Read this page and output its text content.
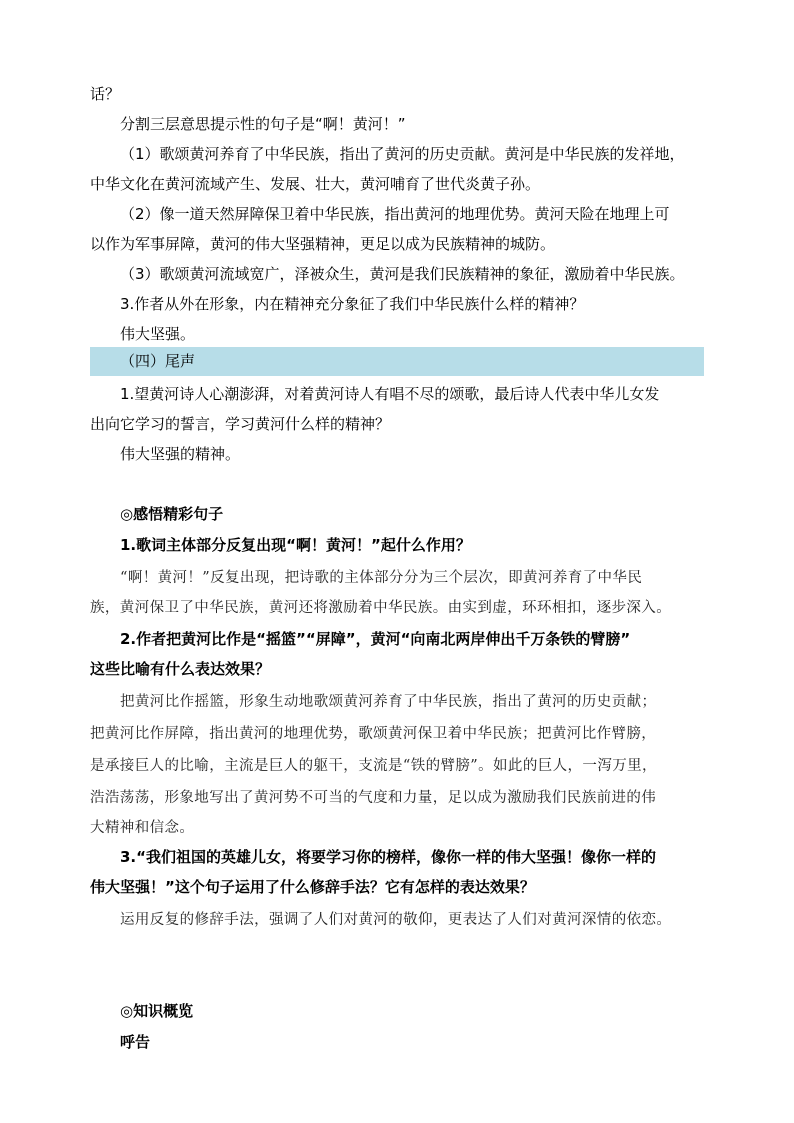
话？

分割三层意思提示性的句子是“啊！黄河！”

（1）歌颂黄河养育了中华民族，指出了黄河的历史贡献。黄河是中华民族的发祥地，

中华文化在黄河流域产生、发展、壮大，黄河哺育了世代炎黄子孙。

（2）像一道天然屏障保卫着中华民族，指出黄河的地理优势。黄河天险在地理上可

以作为军事屏障，黄河的伟大坚强精神，更足以成为民族精神的城防。

（3）歌颂黄河流域宽广，泽被众生，黄河是我们民族精神的象征，激励着中华民族。

3.作者从外在形象，内在精神充分象征了我们中华民族什么样的精神？

伟大坚强。

（四）尾声

1.望黄河诗人心潮澎湃，对着黄河诗人有唱不尽的颂歌，最后诗人代表中华儿女发

出向它学习的誓言，学习黄河什么样的精神？

伟大坚强的精神。

◎感悟精彩句子

1.歌词主体部分反复出现“啊！黄河！”起什么作用？

“啊！黄河！”反复出现，把诗歌的主体部分分为三个层次，即黄河养育了中华民

族，黄河保卫了中华民族，黄河还将激励着中华民族。由实到虚，环环相扣，逐步深入。

2.作者把黄河比作是“摇篮”“屏障”，黄河“向南北两岸伸出千万条铁的臂膀”

这些比喻有什么表达效果？

把黄河比作摇篮，形象生动地歌颂黄河养育了中华民族，指出了黄河的历史贡献；

把黄河比作屏障，指出黄河的地理优势，歌颂黄河保卫着中华民族；把黄河比作臂膀，

是承接巨人的比喻，主流是巨人的躯干，支流是“铁的臂膀”。如此的巨人，一泻万里，

浩浩荡荡，形象地写出了黄河势不可当的气度和力量，足以成为激励我们民族前进的伟

大精神和信念。

3.“我们祖国的英雄儿女，将要学习你的榜样，像你一样的伟大坚强！像你一样的

伟大坚强！”这个句子运用了什么修辞手法？它有怎样的表达效果？

运用反复的修辞手法，强调了人们对黄河的敬仰，更表达了人们对黄河深情的依恋。

◎知识概览

呼告
